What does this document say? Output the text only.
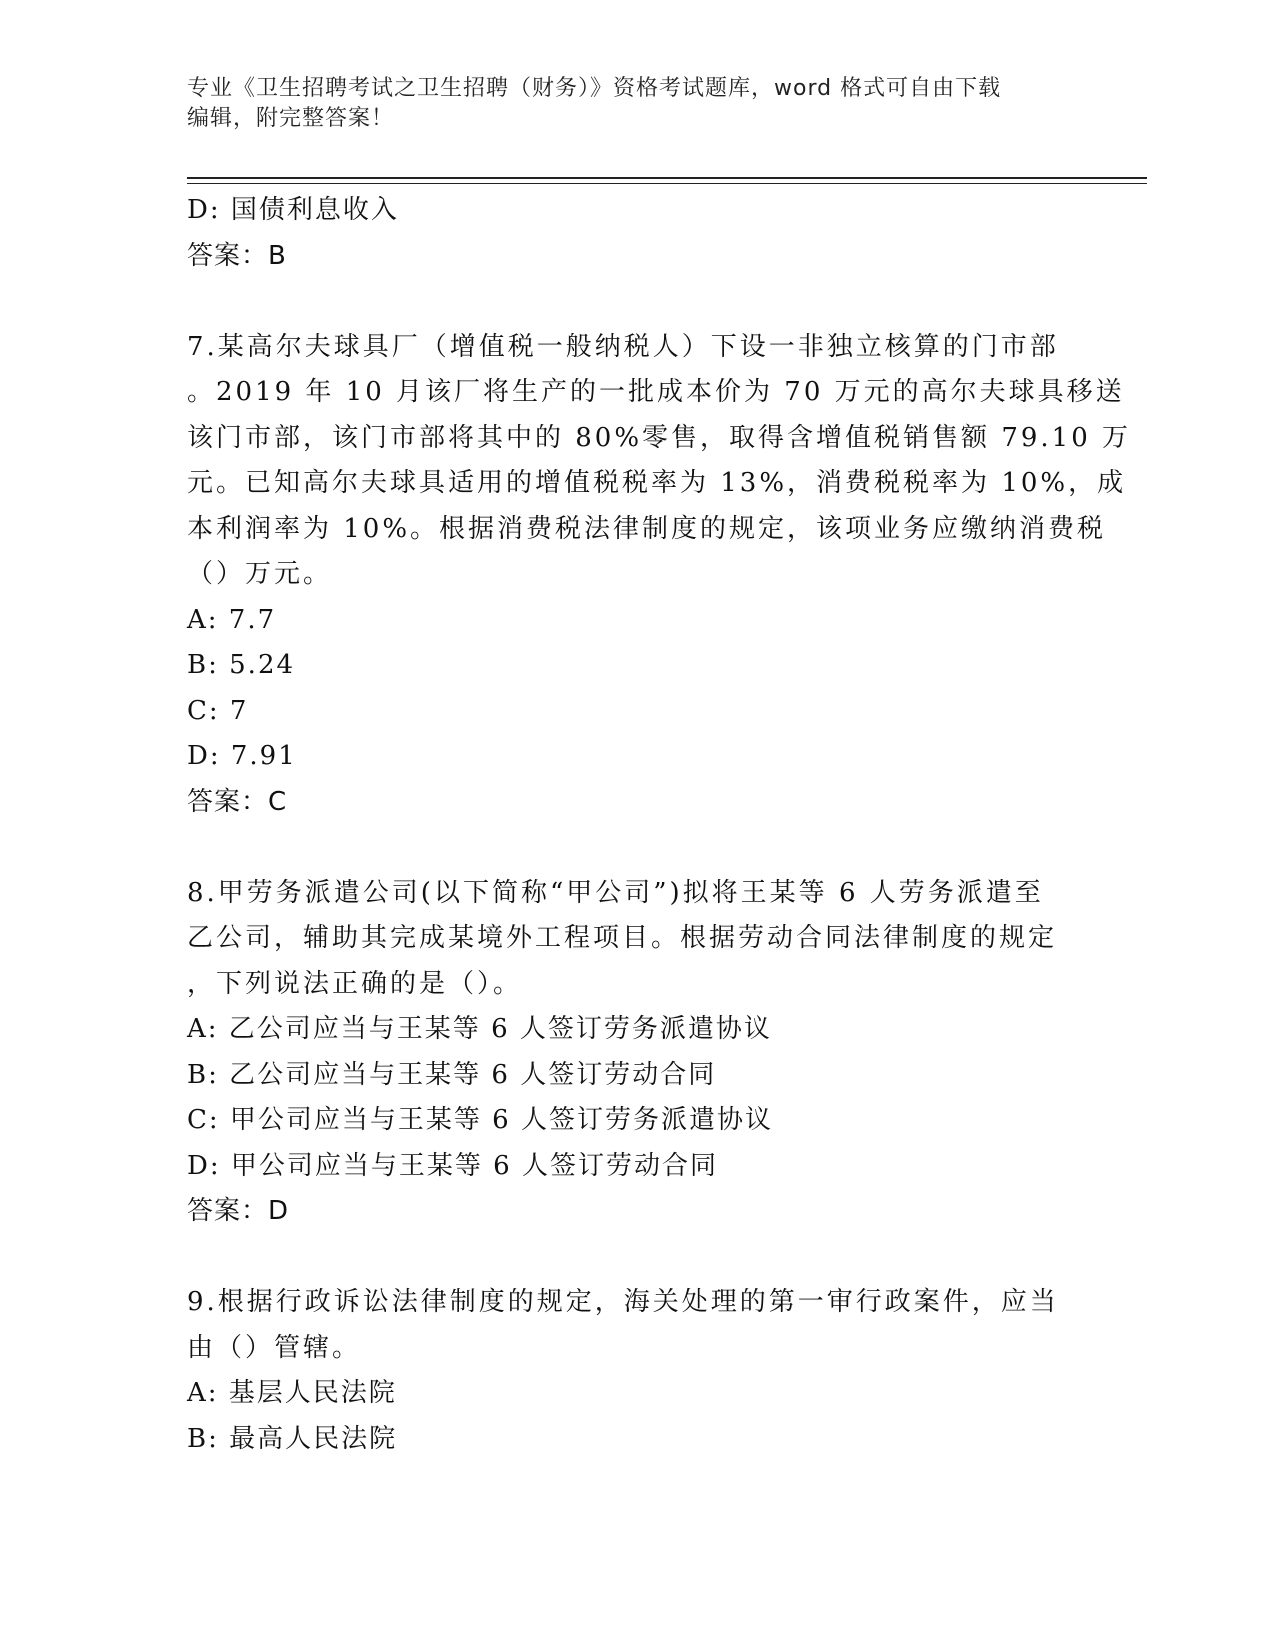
专业《卫生招聘考试之卫生招聘（财务）》资格考试题库，word 格式可自由下载
编辑，附完整答案！
D: 国债利息收入
答案：B
7.某高尔夫球具厂（增值税一般纳税人）下设一非独立核算的门市部
。2019 年 10 月该厂将生产的一批成本价为 70 万元的高尔夫球具移送
该门市部，该门市部将其中的 80%零售，取得含增值税销售额 79.10 万
元。已知高尔夫球具适用的增值税税率为 13%，消费税税率为 10%，成
本利润率为 10%。根据消费税法律制度的规定，该项业务应缴纳消费税
（）万元。
A: 7.7
B: 5.24
C: 7
D: 7.91
答案：C
8.甲劳务派遣公司(以下简称“甲公司”)拟将王某等 6 人劳务派遣至
乙公司，辅助其完成某境外工程项目。根据劳动合同法律制度的规定
，下列说法正确的是（）。
A: 乙公司应当与王某等 6 人签订劳务派遣协议
B: 乙公司应当与王某等 6 人签订劳动合同
C: 甲公司应当与王某等 6 人签订劳务派遣协议
D: 甲公司应当与王某等 6 人签订劳动合同
答案：D
9.根据行政诉讼法律制度的规定，海关处理的第一审行政案件，应当
由（）管辖。
A: 基层人民法院
B: 最高人民法院
